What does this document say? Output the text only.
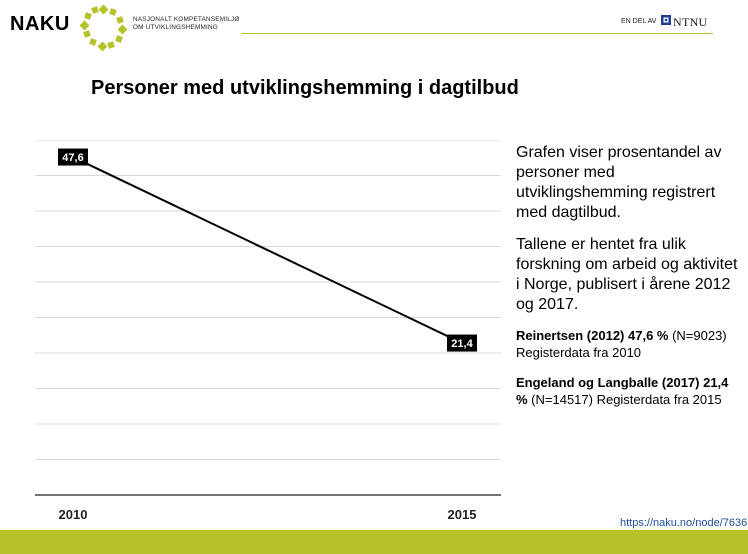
NAKU	NASJONALT KOMPETANSEMILJØ
OM UTVIKLINGSHEMMING
EN DEL AV NTNU
Personer med utviklingshemming i dagtilbud
47,6
21,4
2010	2015

Grafen viser prosentandel av personer med utviklingshemming registrert med dagtilbud.

Tallene er hentet fra ulik forskning om arbeid og aktivitet i Norge, publisert i årene 2012 og 2017.

Reinertsen (2012) 47,6 % (N=9023) Registerdata fra 2010

Engeland og Langballe (2017) 21,4 % (N=14517) Registerdata fra 2015

https://naku.no/node/7636
